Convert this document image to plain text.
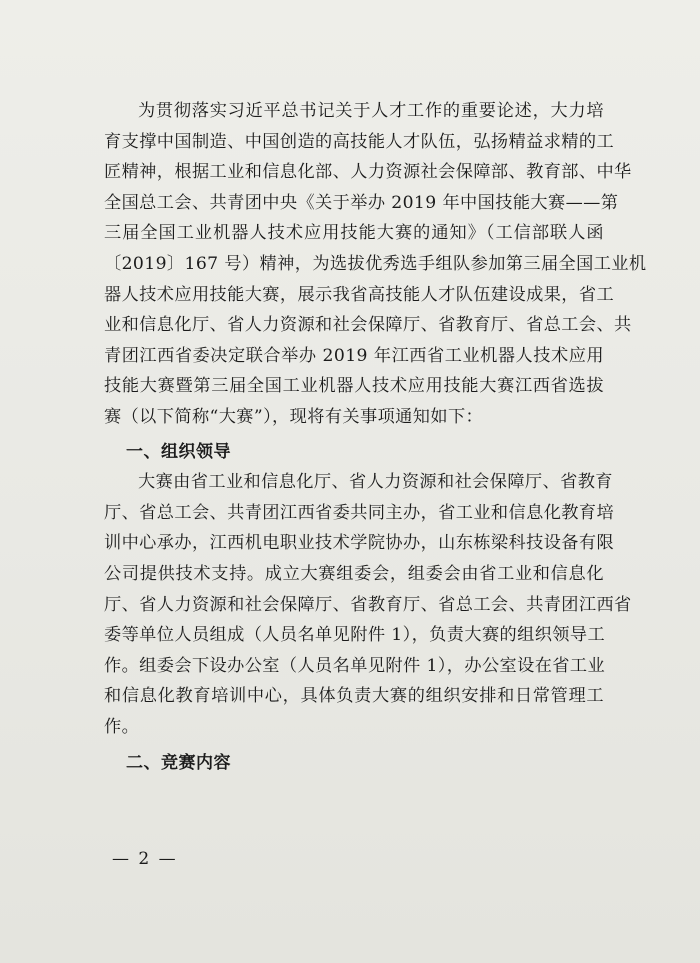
为贯彻落实习近平总书记关于人才工作的重要论述，大力培
育支撑中国制造、中国创造的高技能人才队伍，弘扬精益求精的工
匠精神，根据工业和信息化部、人力资源社会保障部、教育部、中华
全国总工会、共青团中央《关于举办 2019 年中国技能大赛——第
三届全国工业机器人技术应用技能大赛的通知》（工信部联人函
〔2019〕167 号）精神，为选拔优秀选手组队参加第三届全国工业机
器人技术应用技能大赛，展示我省高技能人才队伍建设成果，省工
业和信息化厅、省人力资源和社会保障厅、省教育厅、省总工会、共
青团江西省委决定联合举办 2019 年江西省工业机器人技术应用
技能大赛暨第三届全国工业机器人技术应用技能大赛江西省选拔
赛（以下简称“大赛”），现将有关事项通知如下：

一、组织领导

大赛由省工业和信息化厅、省人力资源和社会保障厅、省教育
厅、省总工会、共青团江西省委共同主办，省工业和信息化教育培
训中心承办，江西机电职业技术学院协办，山东栋梁科技设备有限
公司提供技术支持。成立大赛组委会，组委会由省工业和信息化
厅、省人力资源和社会保障厅、省教育厅、省总工会、共青团江西省
委等单位人员组成（人员名单见附件 1），负责大赛的组织领导工
作。组委会下设办公室（人员名单见附件 1），办公室设在省工业
和信息化教育培训中心，具体负责大赛的组织安排和日常管理工
作。

二、竞赛内容
— 2 —
